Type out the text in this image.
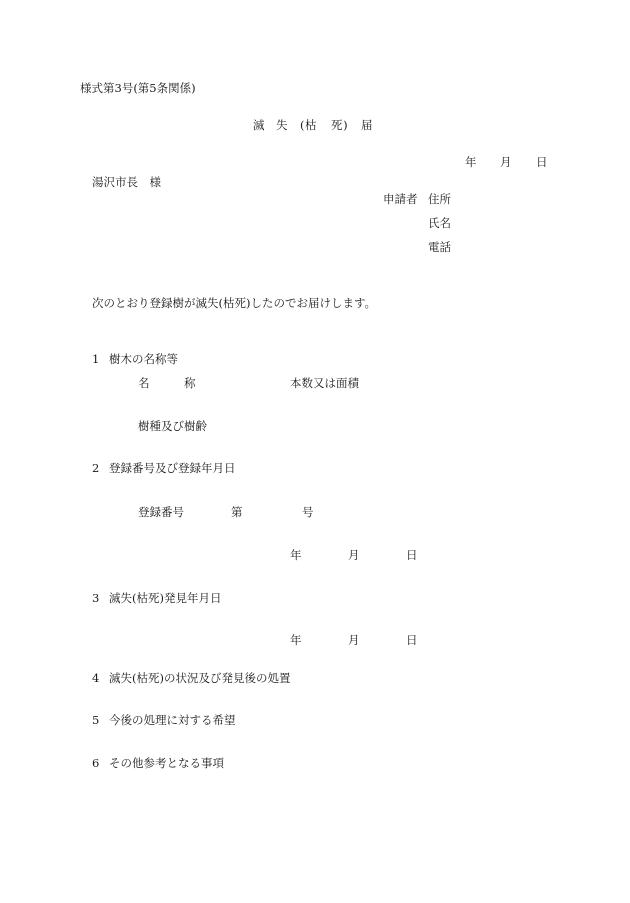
様式第3号(第5条関係)
滅 失 (枯 死) 届
年 月 日
湯沢市長　様
申請者 住所
氏名
電話
次のとおり登録樹が滅失(枯死)したのでお届けします。
1 樹木の名称等
名	称	本数又は面積
樹種及び樹齢
2 登録番号及び登録年月日
登録番号	第	号
年	月	日
3 滅失(枯死)発見年月日
年	月	日
4 滅失(枯死)の状況及び発見後の処置
5 今後の処理に対する希望
6 その他参考となる事項
